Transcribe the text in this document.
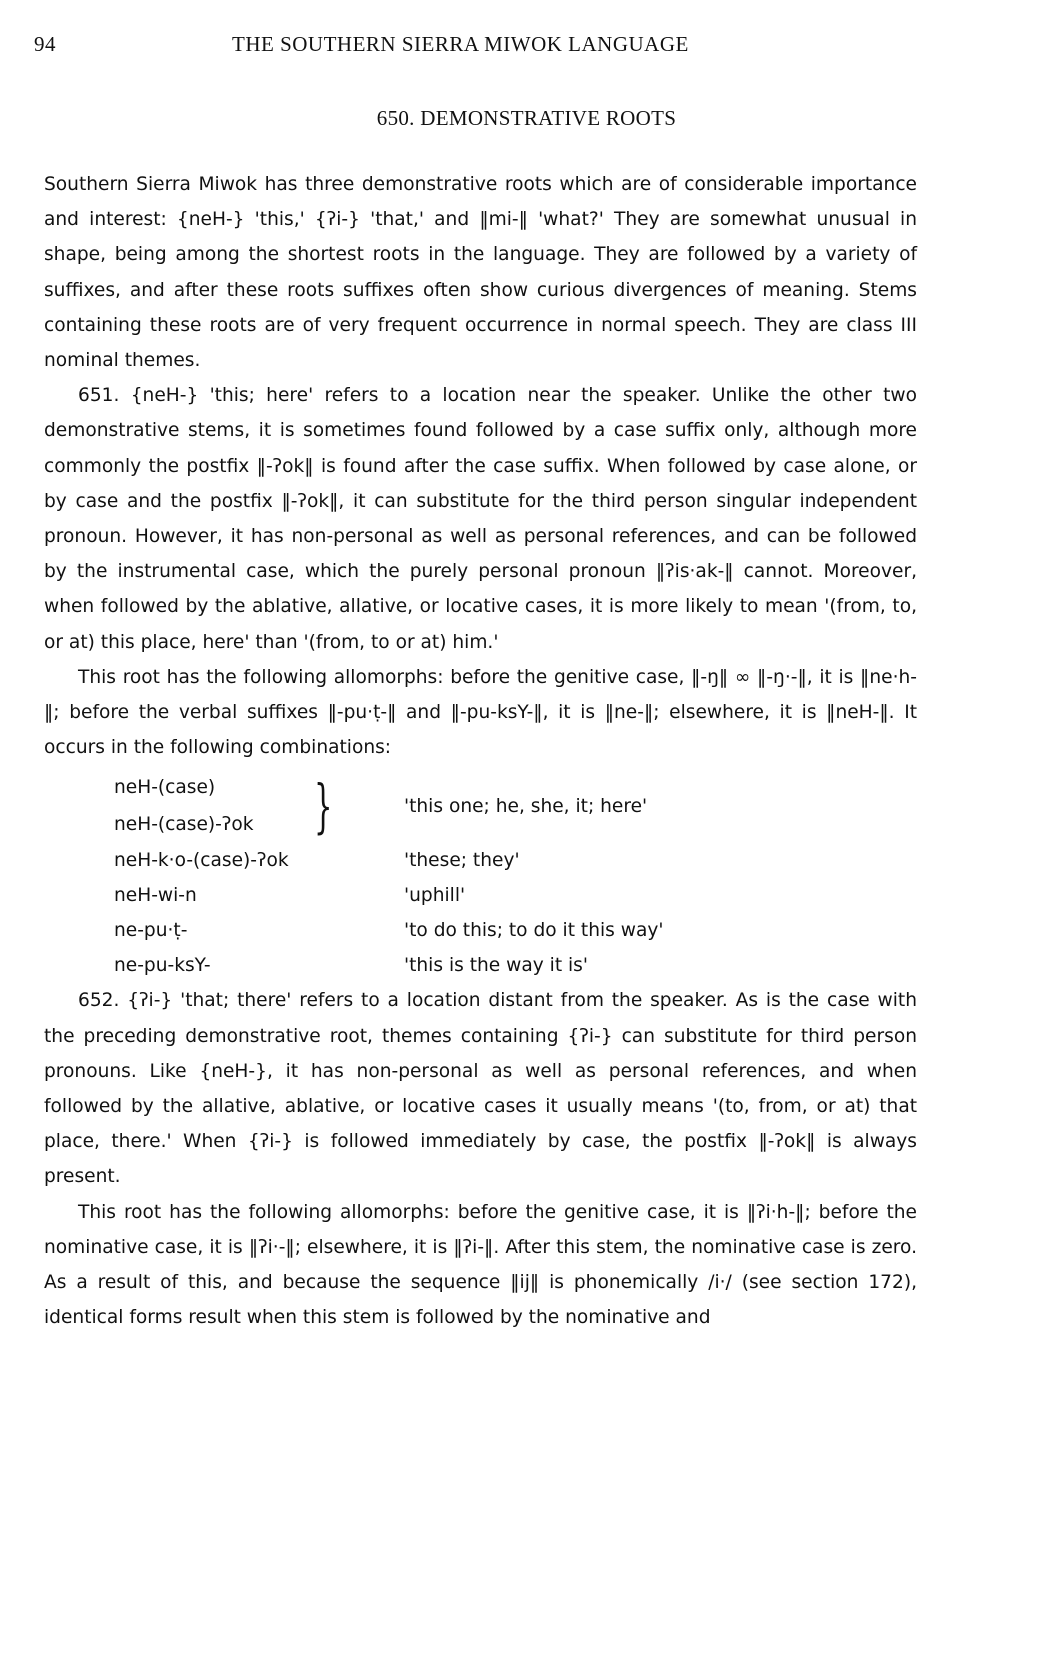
94	THE SOUTHERN SIERRA MIWOK LANGUAGE
650. DEMONSTRATIVE ROOTS

Southern Sierra Miwok has three demonstrative roots which are of considerable importance and interest: {neH-} 'this,' {ʔi-} 'that,' and ‖mi-‖ 'what?' They are somewhat unusual in shape, being among the shortest roots in the language. They are followed by a variety of suffixes, and after these roots suffixes often show curious divergences of meaning. Stems containing these roots are of very frequent occurrence in normal speech. They are class III nominal themes.

651. {neH-} 'this; here' refers to a location near the speaker. Unlike the other two demonstrative stems, it is sometimes found followed by a case suffix only, although more commonly the postfix ‖-ʔok‖ is found after the case suffix. When followed by case alone, or by case and the postfix ‖-ʔok‖, it can substitute for the third person singular independent pronoun. However, it has non-personal as well as personal references, and can be followed by the instrumental case, which the purely personal pronoun ‖ʔis·ak-‖ cannot. Moreover, when followed by the ablative, allative, or locative cases, it is more likely to mean '(from, to, or at) this place, here' than '(from, to or at) him.'

This root has the following allomorphs: before the genitive case, ‖-ŋ‖ ∞ ‖-ŋ·-‖, it is ‖ne·h-‖; before the verbal suffixes ‖-pu·ṭ-‖ and ‖-pu-ksY-‖, it is ‖ne-‖; elsewhere, it is ‖neH-‖. It occurs in the following combinations:

neH-(case)
neH-(case)-ʔok	}	'this one; he, she, it; here'
neH-k·o-(case)-ʔok	'these; they'
neH-wi-n	'uphill'
ne-pu·ṭ-	'to do this; to do it this way'
ne-pu-ksY-	'this is the way it is'

652. {ʔi-} 'that; there' refers to a location distant from the speaker. As is the case with the preceding demonstrative root, themes containing {ʔi-} can substitute for third person pronouns. Like {neH-}, it has non-personal as well as personal references, and when followed by the allative, ablative, or locative cases it usually means '(to, from, or at) that place, there.' When {ʔi-} is followed immediately by case, the postfix ‖-ʔok‖ is always present.

This root has the following allomorphs: before the genitive case, it is ‖ʔi·h-‖; before the nominative case, it is ‖ʔi·-‖; elsewhere, it is ‖ʔi-‖. After this stem, the nominative case is zero. As a result of this, and because the sequence ‖ij‖ is phonemically /i·/ (see section 172), identical forms result when this stem is followed by the nominative and
